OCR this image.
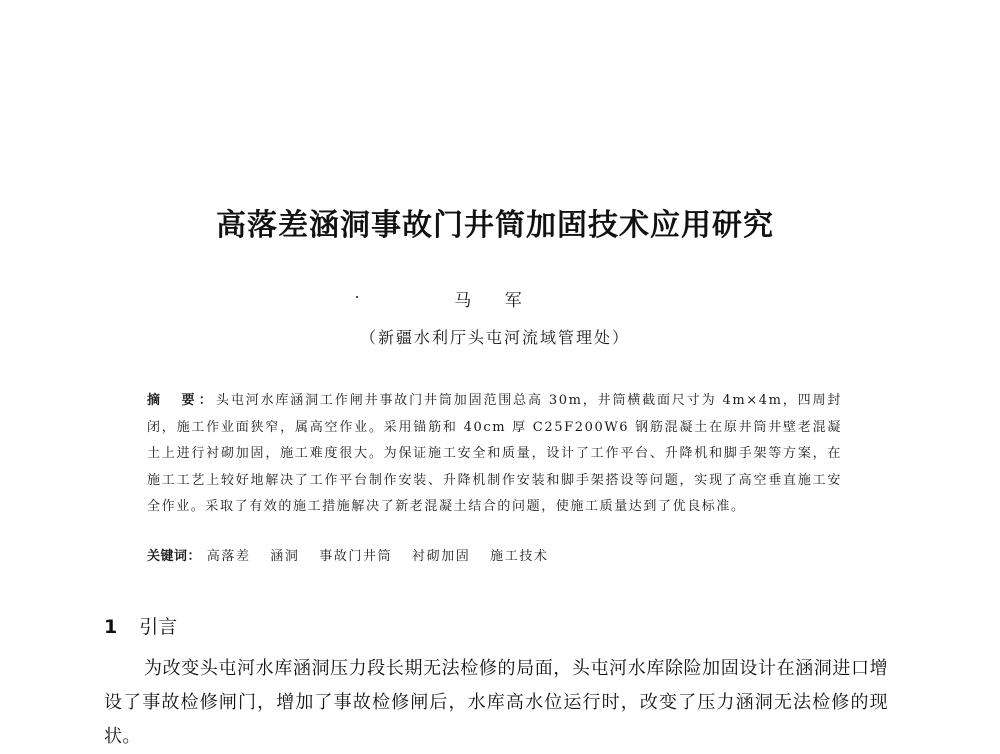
高落差涵洞事故门井筒加固技术应用研究
马 军
（新疆水利厅头屯河流域管理处）
摘　要：头屯河水库涵洞工作闸井事故门井筒加固范围总高 30m，井筒横截面尺寸为 4m×4m，四周封闭，施工作业面狭窄，属高空作业。采用锚筋和 40cm 厚 C25F200W6 钢筋混凝土在原井筒井壁老混凝土上进行衬砌加固，施工难度很大。为保证施工安全和质量，设计了工作平台、升降机和脚手架等方案，在施工工艺上较好地解决了工作平台制作安装、升降机制作安装和脚手架搭设等问题，实现了高空垂直施工安全作业。采取了有效的施工措施解决了新老混凝土结合的问题，使施工质量达到了优良标准。
关键词： 高落差 涵洞 事故门井筒 衬砌加固 施工技术
1 引言
为改变头屯河水库涵洞压力段长期无法检修的局面，头屯河水库除险加固设计在涵洞进口增设了事故检修闸门，增加了事故检修闸后，水库高水位运行时，改变了压力涵洞无法检修的现状。
